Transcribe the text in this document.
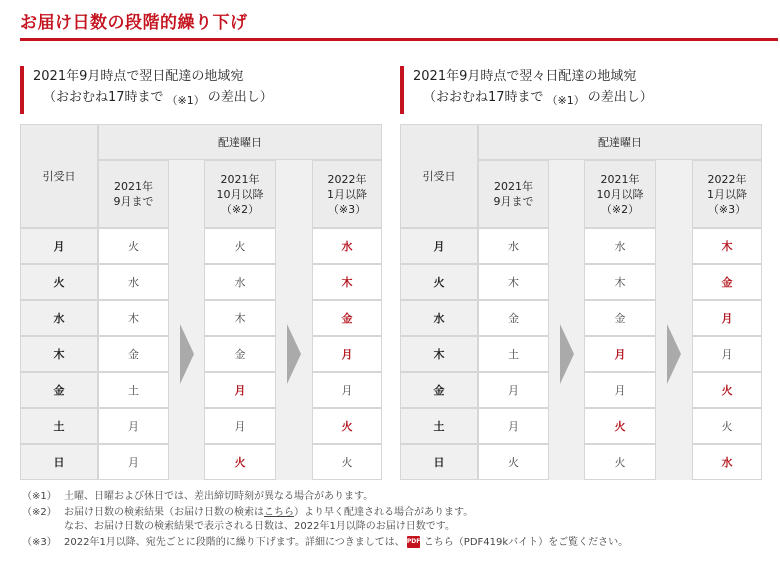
お届け日数の段階的繰り下げ
2021年9月時点で翌日配達の地域宛
（おおむね17時まで $_{(※1)}$ の差出し）
引受日
配達曜日
2021年
9月まで
2021年
10月以降
（※2）
2022年
1月以降
（※3）
月	火	火	水
火	水	水	木
水	木	木	金
木	金	金	月
金	土	月	月
土	月	月	火
日	月	火	火
2021年9月時点で翌々日配達の地域宛
（おおむね17時まで $_{(※1)}$ の差出し）
引受日
配達曜日
2021年
9月まで
2021年
10月以降
（※2）
2022年
1月以降
（※3）
月	水	水	木
火	木	木	金
水	金	金	月
木	土	月	月
金	月	月	火
土	月	火	火
日	火	火	水
（※1） 土曜、日曜および休日では、差出締切時刻が異なる場合があります。
（※2） お届け日数の検索結果（お届け日数の検索はこちら）より早く配達される場合があります。
なお、お届け日数の検索結果で表示される日数は、2022年1月以降のお届け日数です。
（※3） 2022年1月以降、宛先ごとに段階的に繰り下げます。詳細につきましては、 PDF こちら（PDF419kバイト）をご覧ください。
